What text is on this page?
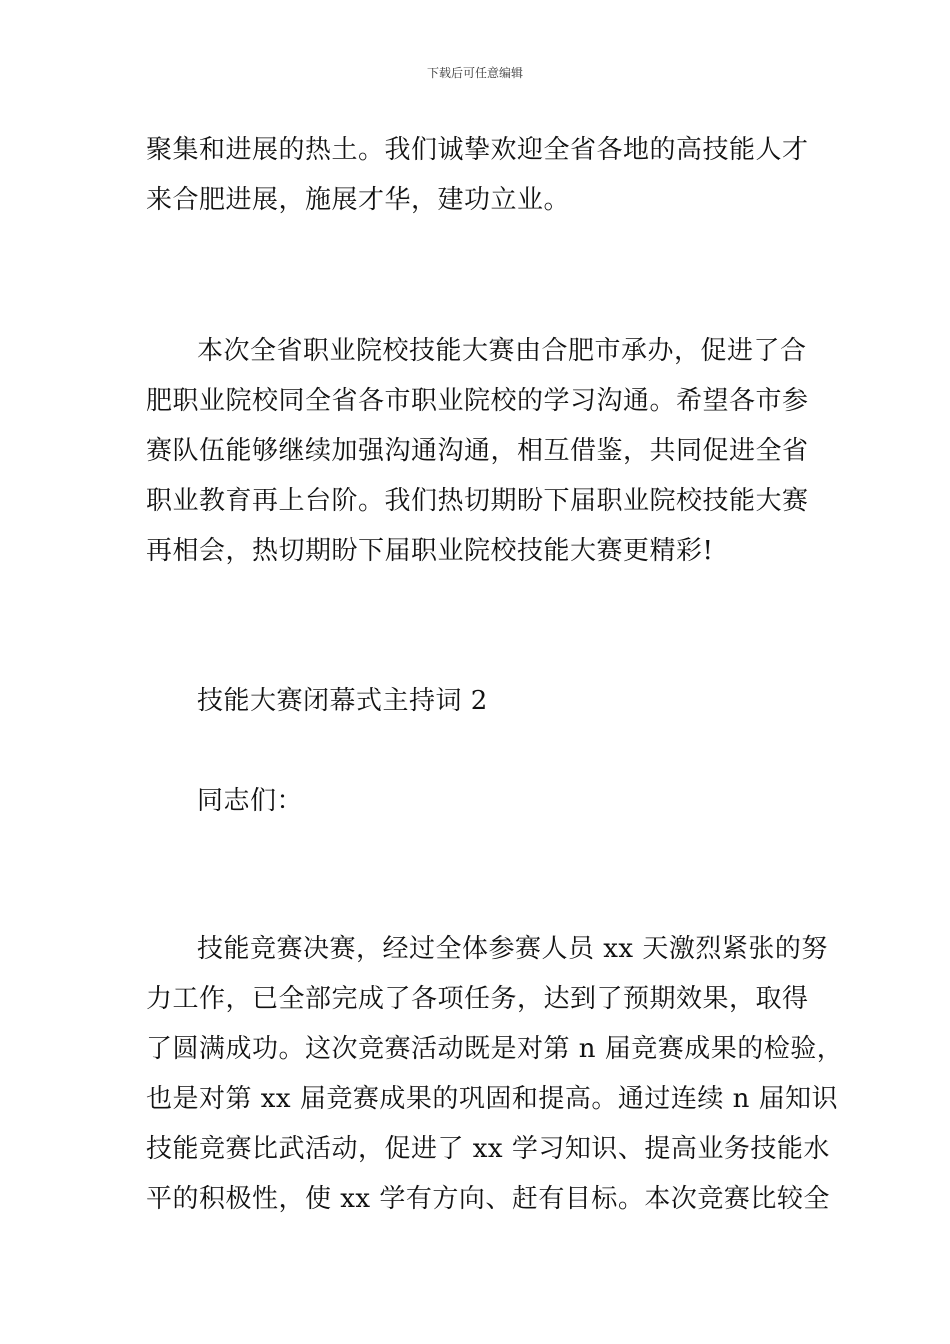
下载后可任意编辑
聚集和进展的热土。我们诚挚欢迎全省各地的高技能人才
来合肥进展，施展才华，建功立业。
本次全省职业院校技能大赛由合肥市承办，促进了合
肥职业院校同全省各市职业院校的学习沟通。希望各市参
赛队伍能够继续加强沟通沟通，相互借鉴，共同促进全省
职业教育再上台阶。我们热切期盼下届职业院校技能大赛
再相会，热切期盼下届职业院校技能大赛更精彩!
技能大赛闭幕式主持词 2
同志们：
技能竞赛决赛，经过全体参赛人员 xx 天激烈紧张的努
力工作，已全部完成了各项任务，达到了预期效果，取得
了圆满成功。这次竞赛活动既是对第 n 届竞赛成果的检验，
也是对第 xx 届竞赛成果的巩固和提高。通过连续 n 届知识
技能竞赛比武活动，促进了 xx 学习知识、提高业务技能水
平的积极性，使 xx 学有方向、赶有目标。本次竞赛比较全
